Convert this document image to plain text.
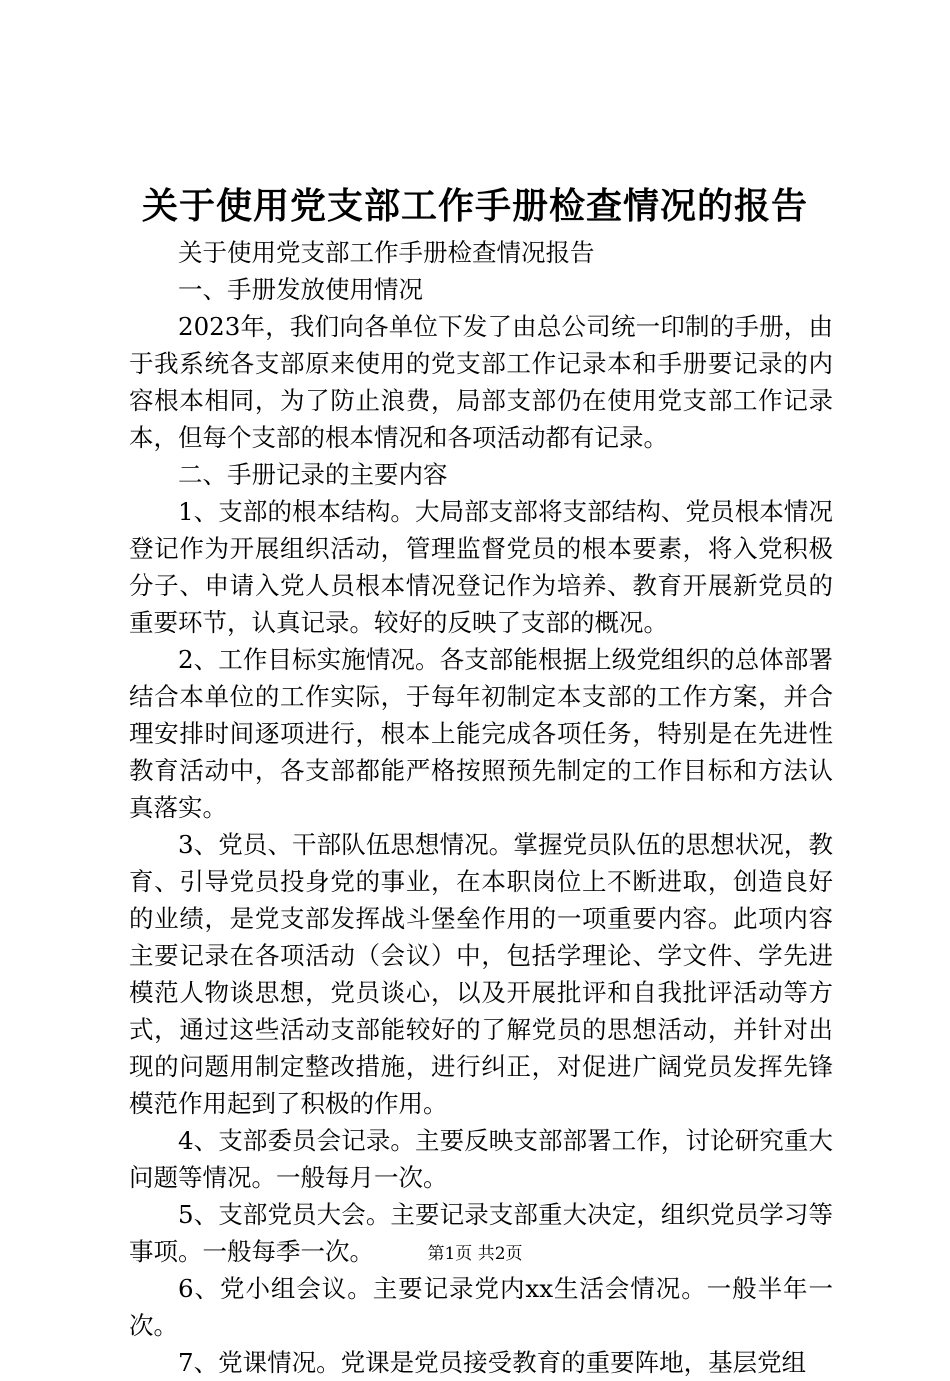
关于使用党支部工作手册检查情况的报告

关于使用党支部工作手册检查情况报告

一、手册发放使用情况

2023年，我们向各单位下发了由总公司统一印制的手册，由于我系统各支部原来使用的党支部工作记录本和手册要记录的内容根本相同，为了防止浪费，局部支部仍在使用党支部工作记录本，但每个支部的根本情况和各项活动都有记录。

二、手册记录的主要内容

1、支部的根本结构。大局部支部将支部结构、党员根本情况登记作为开展组织活动，管理监督党员的根本要素，将入党积极分子、申请入党人员根本情况登记作为培养、教育开展新党员的重要环节，认真记录。较好的反映了支部的概况。

2、工作目标实施情况。各支部能根据上级党组织的总体部署结合本单位的工作实际，于每年初制定本支部的工作方案，并合理安排时间逐项进行，根本上能完成各项任务，特别是在先进性教育活动中，各支部都能严格按照预先制定的工作目标和方法认真落实。

3、党员、干部队伍思想情况。掌握党员队伍的思想状况，教育、引导党员投身党的事业，在本职岗位上不断进取，创造良好的业绩，是党支部发挥战斗堡垒作用的一项重要内容。此项内容主要记录在各项活动（会议）中，包括学理论、学文件、学先进模范人物谈思想，党员谈心，以及开展批评和自我批评活动等方式，通过这些活动支部能较好的了解党员的思想活动，并针对出现的问题用制定整改措施，进行纠正，对促进广阔党员发挥先锋模范作用起到了积极的作用。

4、支部委员会记录。主要反映支部部署工作，讨论研究重大问题等情况。一般每月一次。

5、支部党员大会。主要记录支部重大决定，组织党员学习等事项。一般每季一次。

6、党小组会议。主要记录党内xx生活会情况。一般半年一次。

7、党课情况。党课是党员接受教育的重要阵地，基层党组

第1页 共2页
